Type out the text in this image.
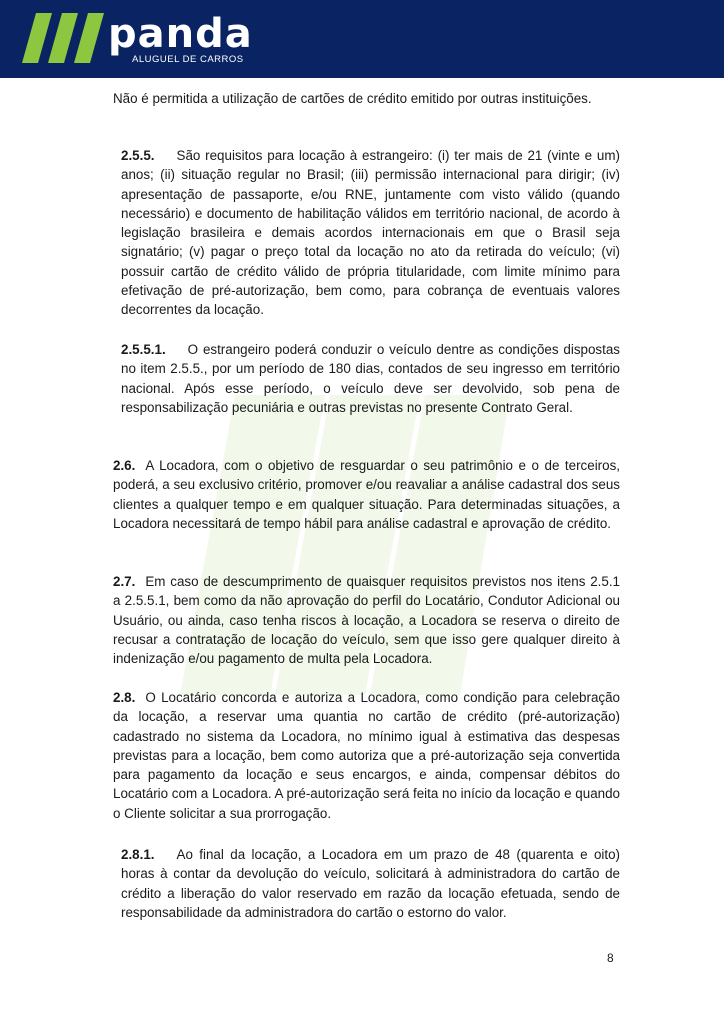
panda
ALUGUEL DE CARROS

Não é permitida a utilização de cartões de crédito emitido por outras instituições.

2.5.5. São requisitos para locação à estrangeiro: (i) ter mais de 21 (vinte e um) anos; (ii) situação regular no Brasil; (iii) permissão internacional para dirigir; (iv) apresentação de passaporte, e/ou RNE, juntamente com visto válido (quando necessário) e documento de habilitação válidos em território nacional, de acordo à legislação brasileira e demais acordos internacionais em que o Brasil seja signatário; (v) pagar o preço total da locação no ato da retirada do veículo; (vi) possuir cartão de crédito válido de própria titularidade, com limite mínimo para efetivação de pré-autorização, bem como, para cobrança de eventuais valores decorrentes da locação.

2.5.5.1. O estrangeiro poderá conduzir o veículo dentre as condições dispostas no item 2.5.5., por um período de 180 dias, contados de seu ingresso em território nacional. Após esse período, o veículo deve ser devolvido, sob pena de responsabilização pecuniária e outras previstas no presente Contrato Geral.

2.6. A Locadora, com o objetivo de resguardar o seu patrimônio e o de terceiros, poderá, a seu exclusivo critério, promover e/ou reavaliar a análise cadastral dos seus clientes a qualquer tempo e em qualquer situação. Para determinadas situações, a Locadora necessitará de tempo hábil para análise cadastral e aprovação de crédito.

2.7. Em caso de descumprimento de quaisquer requisitos previstos nos itens 2.5.1 a 2.5.5.1, bem como da não aprovação do perfil do Locatário, Condutor Adicional ou Usuário, ou ainda, caso tenha riscos à locação, a Locadora se reserva o direito de recusar a contratação de locação do veículo, sem que isso gere qualquer direito à indenização e/ou pagamento de multa pela Locadora.

2.8. O Locatário concorda e autoriza a Locadora, como condição para celebração da locação, a reservar uma quantia no cartão de crédito (pré-autorização) cadastrado no sistema da Locadora, no mínimo igual à estimativa das despesas previstas para a locação, bem como autoriza que a pré-autorização seja convertida para pagamento da locação e seus encargos, e ainda, compensar débitos do Locatário com a Locadora. A pré-autorização será feita no início da locação e quando o Cliente solicitar a sua prorrogação.

2.8.1. Ao final da locação, a Locadora em um prazo de 48 (quarenta e oito) horas à contar da devolução do veículo, solicitará à administradora do cartão de crédito a liberação do valor reservado em razão da locação efetuada, sendo de responsabilidade da administradora do cartão o estorno do valor.

8
